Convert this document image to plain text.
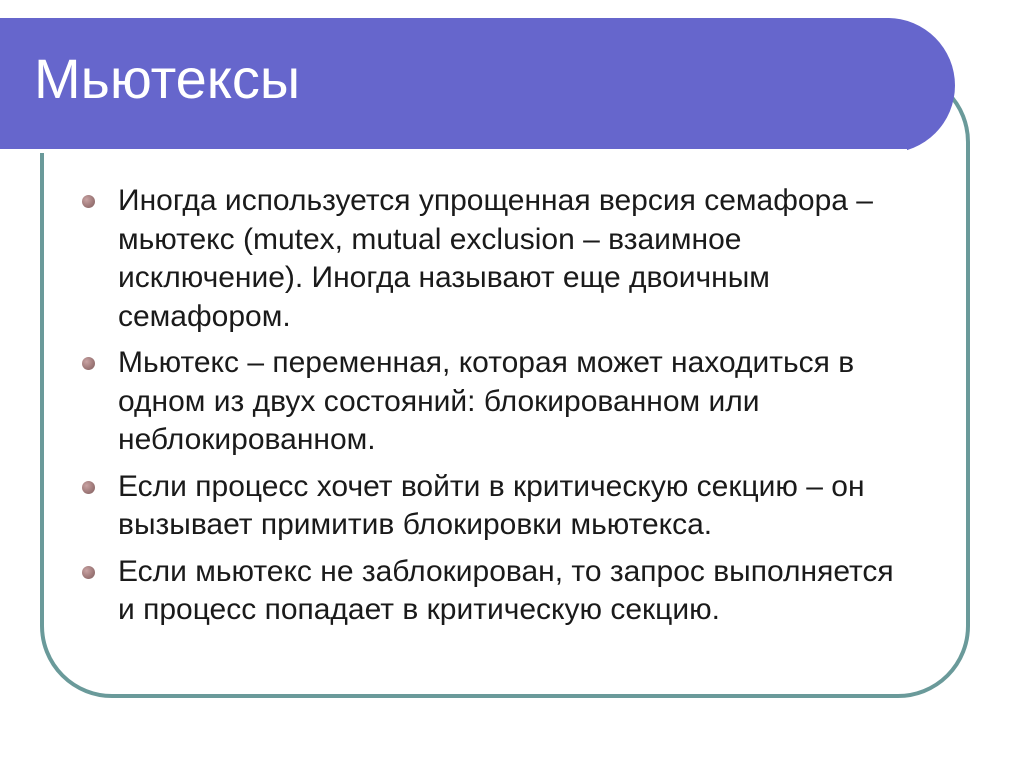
Мьютексы
Иногда используется упрощенная версия семафора – мьютекс (mutex, mutual exclusion – взаимное исключение). Иногда называют еще двоичным семафором.
Мьютекс – переменная, которая может находиться в одном из двух состояний: блокированном или неблокированном.
Если процесс хочет войти в критическую секцию – он вызывает примитив блокировки мьютекса.
Если мьютекс не заблокирован, то запрос выполняется и процесс попадает в критическую секцию.
